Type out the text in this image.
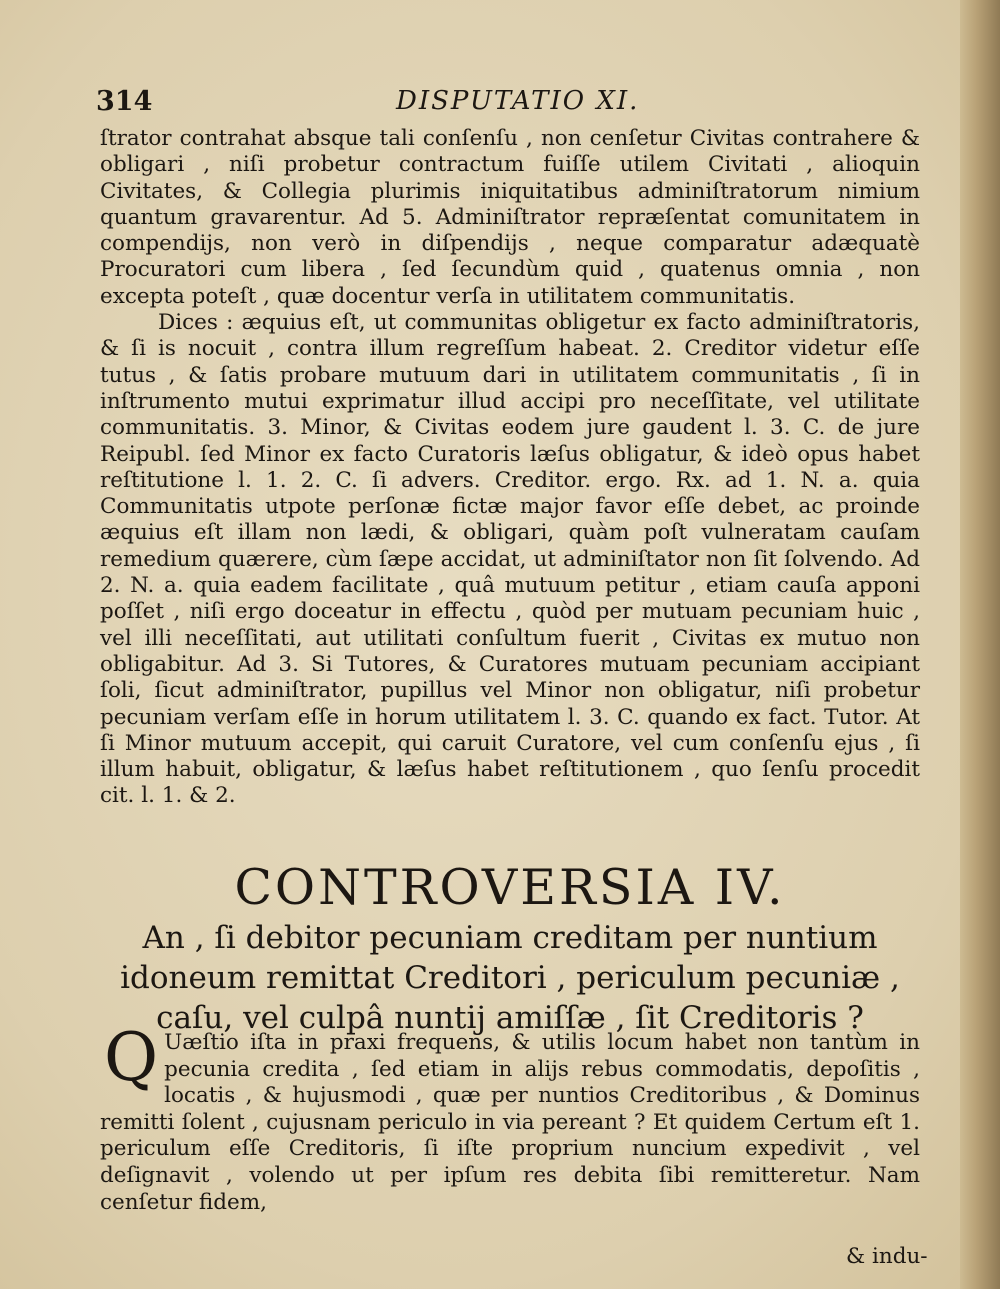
314	DISPUTATIO XI.

ſtrator contrahat absque tali conſenſu , non cenſetur Civitas contrahere & obligari , niſi probetur contractum fuiſſe utilem Civitati , alioquin Civitates, & Collegia plurimis iniquitatibus adminiſtratorum nimium quantum gravarentur. Ad 5. Adminiſtrator repræſentat comunitatem in compendijs, non verò in diſpendijs , neque comparatur adæquatè Procuratori cum libera , ſed ſecundùm quid , quatenus omnia , non excepta poteſt , quæ docentur verſa in utilitatem communitatis.

Dices : æquius eſt, ut communitas obligetur ex facto adminiſtratoris, & ſi is nocuit , contra illum regreſſum habeat. 2. Creditor videtur eſſe tutus , & ſatis probare mutuum dari in utilitatem communitatis , ſi in inſtrumento mutui exprimatur illud accipi pro neceſſitate, vel utilitate communitatis. 3. Minor, & Civitas eodem jure gaudent l. 3. C. de jure Reipubl. ſed Minor ex facto Curatoris læſus obligatur, & ideò opus habet reſtitutione l. 1. 2. C. ſi advers. Creditor. ergo. Rx. ad 1. N. a. quia Communitatis utpote perſonæ fictæ major favor eſſe debet, ac proinde æquius eſt illam non lædi, & obligari, quàm poſt vulneratam cauſam remedium quærere, cùm ſæpe accidat, ut adminiſtator non ſit ſolvendo. Ad 2. N. a. quia eadem facilitate , quâ mutuum petitur , etiam cauſa apponi poſſet , niſi ergo doceatur in effectu , quòd per mutuam pecuniam huic , vel illi neceſſitati, aut utilitati conſultum fuerit , Civitas ex mutuo non obligabitur. Ad 3. Si Tutores, & Curatores mutuam pecuniam accipiant ſoli, ſicut adminiſtrator, pupillus vel Minor non obligatur, niſi probetur pecuniam verſam eſſe in horum utilitatem l. 3. C. quando ex fact. Tutor. At ſi Minor mutuum accepit, qui caruit Curatore, vel cum conſenſu ejus , ſi illum habuit, obligatur, & læſus habet reſtitutionem , quo ſenſu procedit cit. l. 1. & 2.

CONTROVERSIA IV.
An , ſi debitor pecuniam creditam per nuntium idoneum remittat Creditori , periculum pecuniæ , caſu, vel culpâ nuntij amiſſæ , ſit Creditoris ?
Q Uæſtio iſta in praxi frequens, & utilis locum habet non tantùm in pecunia credita , ſed etiam in alijs rebus commodatis, depoſitis , locatis , & hujusmodi , quæ per nuntios Creditoribus , & Dominus remitti ſolent , cujusnam periculo in via pereant ? Et quidem Certum eſt 1. periculum eſſe Creditoris, ſi iſte proprium nuncium expedivit , vel deſignavit , volendo ut per ipſum res debita ſibi remitteretur. Nam cenſetur fidem,
& indu-
